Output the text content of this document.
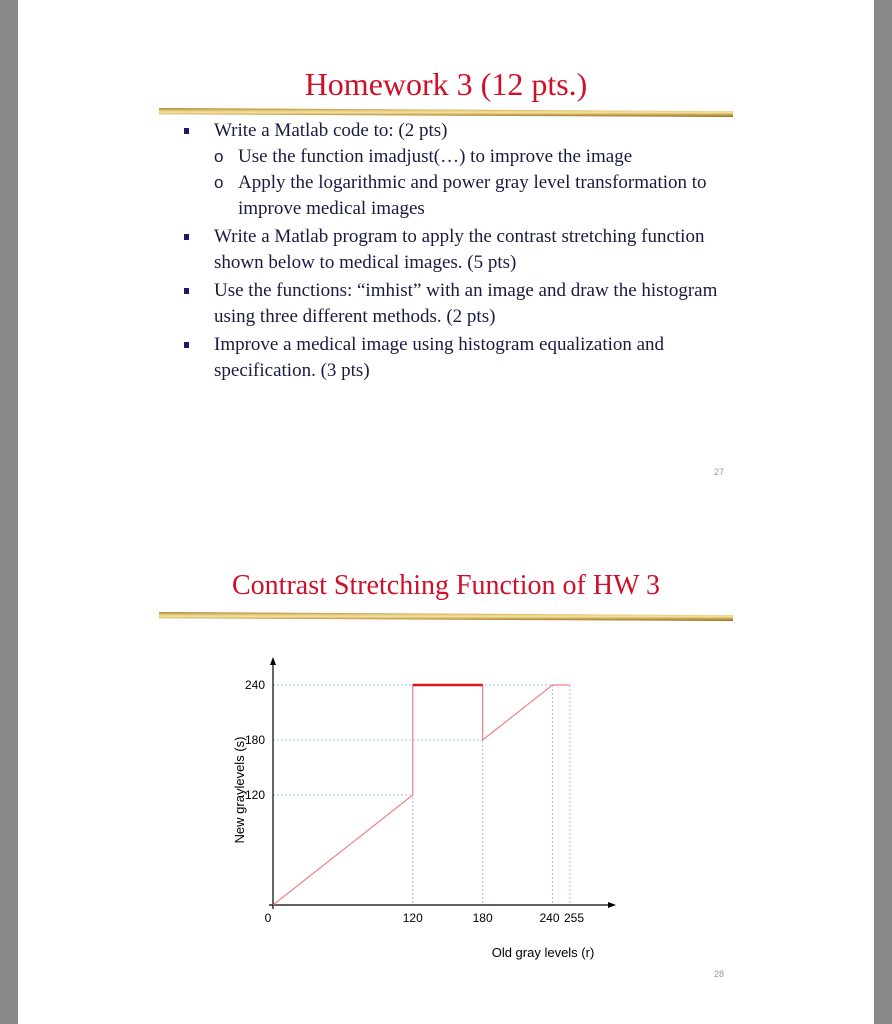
Homework 3 (12 pts.)
Write a Matlab code to: (2 pts)
o Use the function imadjust(…) to improve the image
o Apply the logarithmic and power gray level transformation to improve medical images
Write a Matlab program to apply the contrast stretching function shown below to medical images. (5 pts)
Use the functions: “imhist” with an image and draw the histogram using three different methods. (2 pts)
Improve a medical image using histogram equalization and specification. (3 pts)
27
Contrast Stretching Function of HW 3
120
180
240
0	120	180	240 255
Old gray levels (r)
New graylevels (s)
28
